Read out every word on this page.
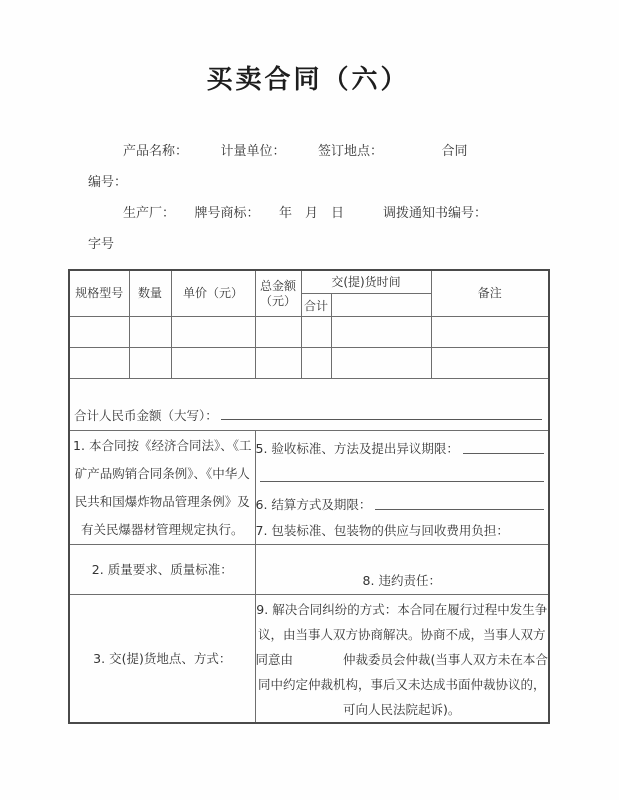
买卖合同（六）
产品名称：　　　计量单位：　　　签订地点：　　　　　合同
编号：
生产厂：　　牌号商标：　　年　月　日　　　调拨通知书编号：
字号
规格型号	数量	单价（元）	总金额（元）	交(提)货时间		备注
				合计		

合计人民币金额（大写）：						

1. 本合同按《经济合同法》、《工矿产品购销合同条例》、《中华人民共和国爆炸物品管理条例》及有关民爆器材管理规定执行。			5. 验收标准、方法及提出异议期限：
6. 结算方式及期限：
7. 包装标准、包装物的供应与回收费用负担：			

2. 质量要求、质量标准：			8. 违约责任：			

3. 交(提)货地点、方式：			9. 解决合同纠纷的方式：本合同在履行过程中发生争议，由当事人双方协商解决。协商不成，当事人双方同意由　　　　仲裁委员会仲裁(当事人双方未在本合同中约定仲裁机构，事后又未达成书面仲裁协议的，可向人民法院起诉)。			
